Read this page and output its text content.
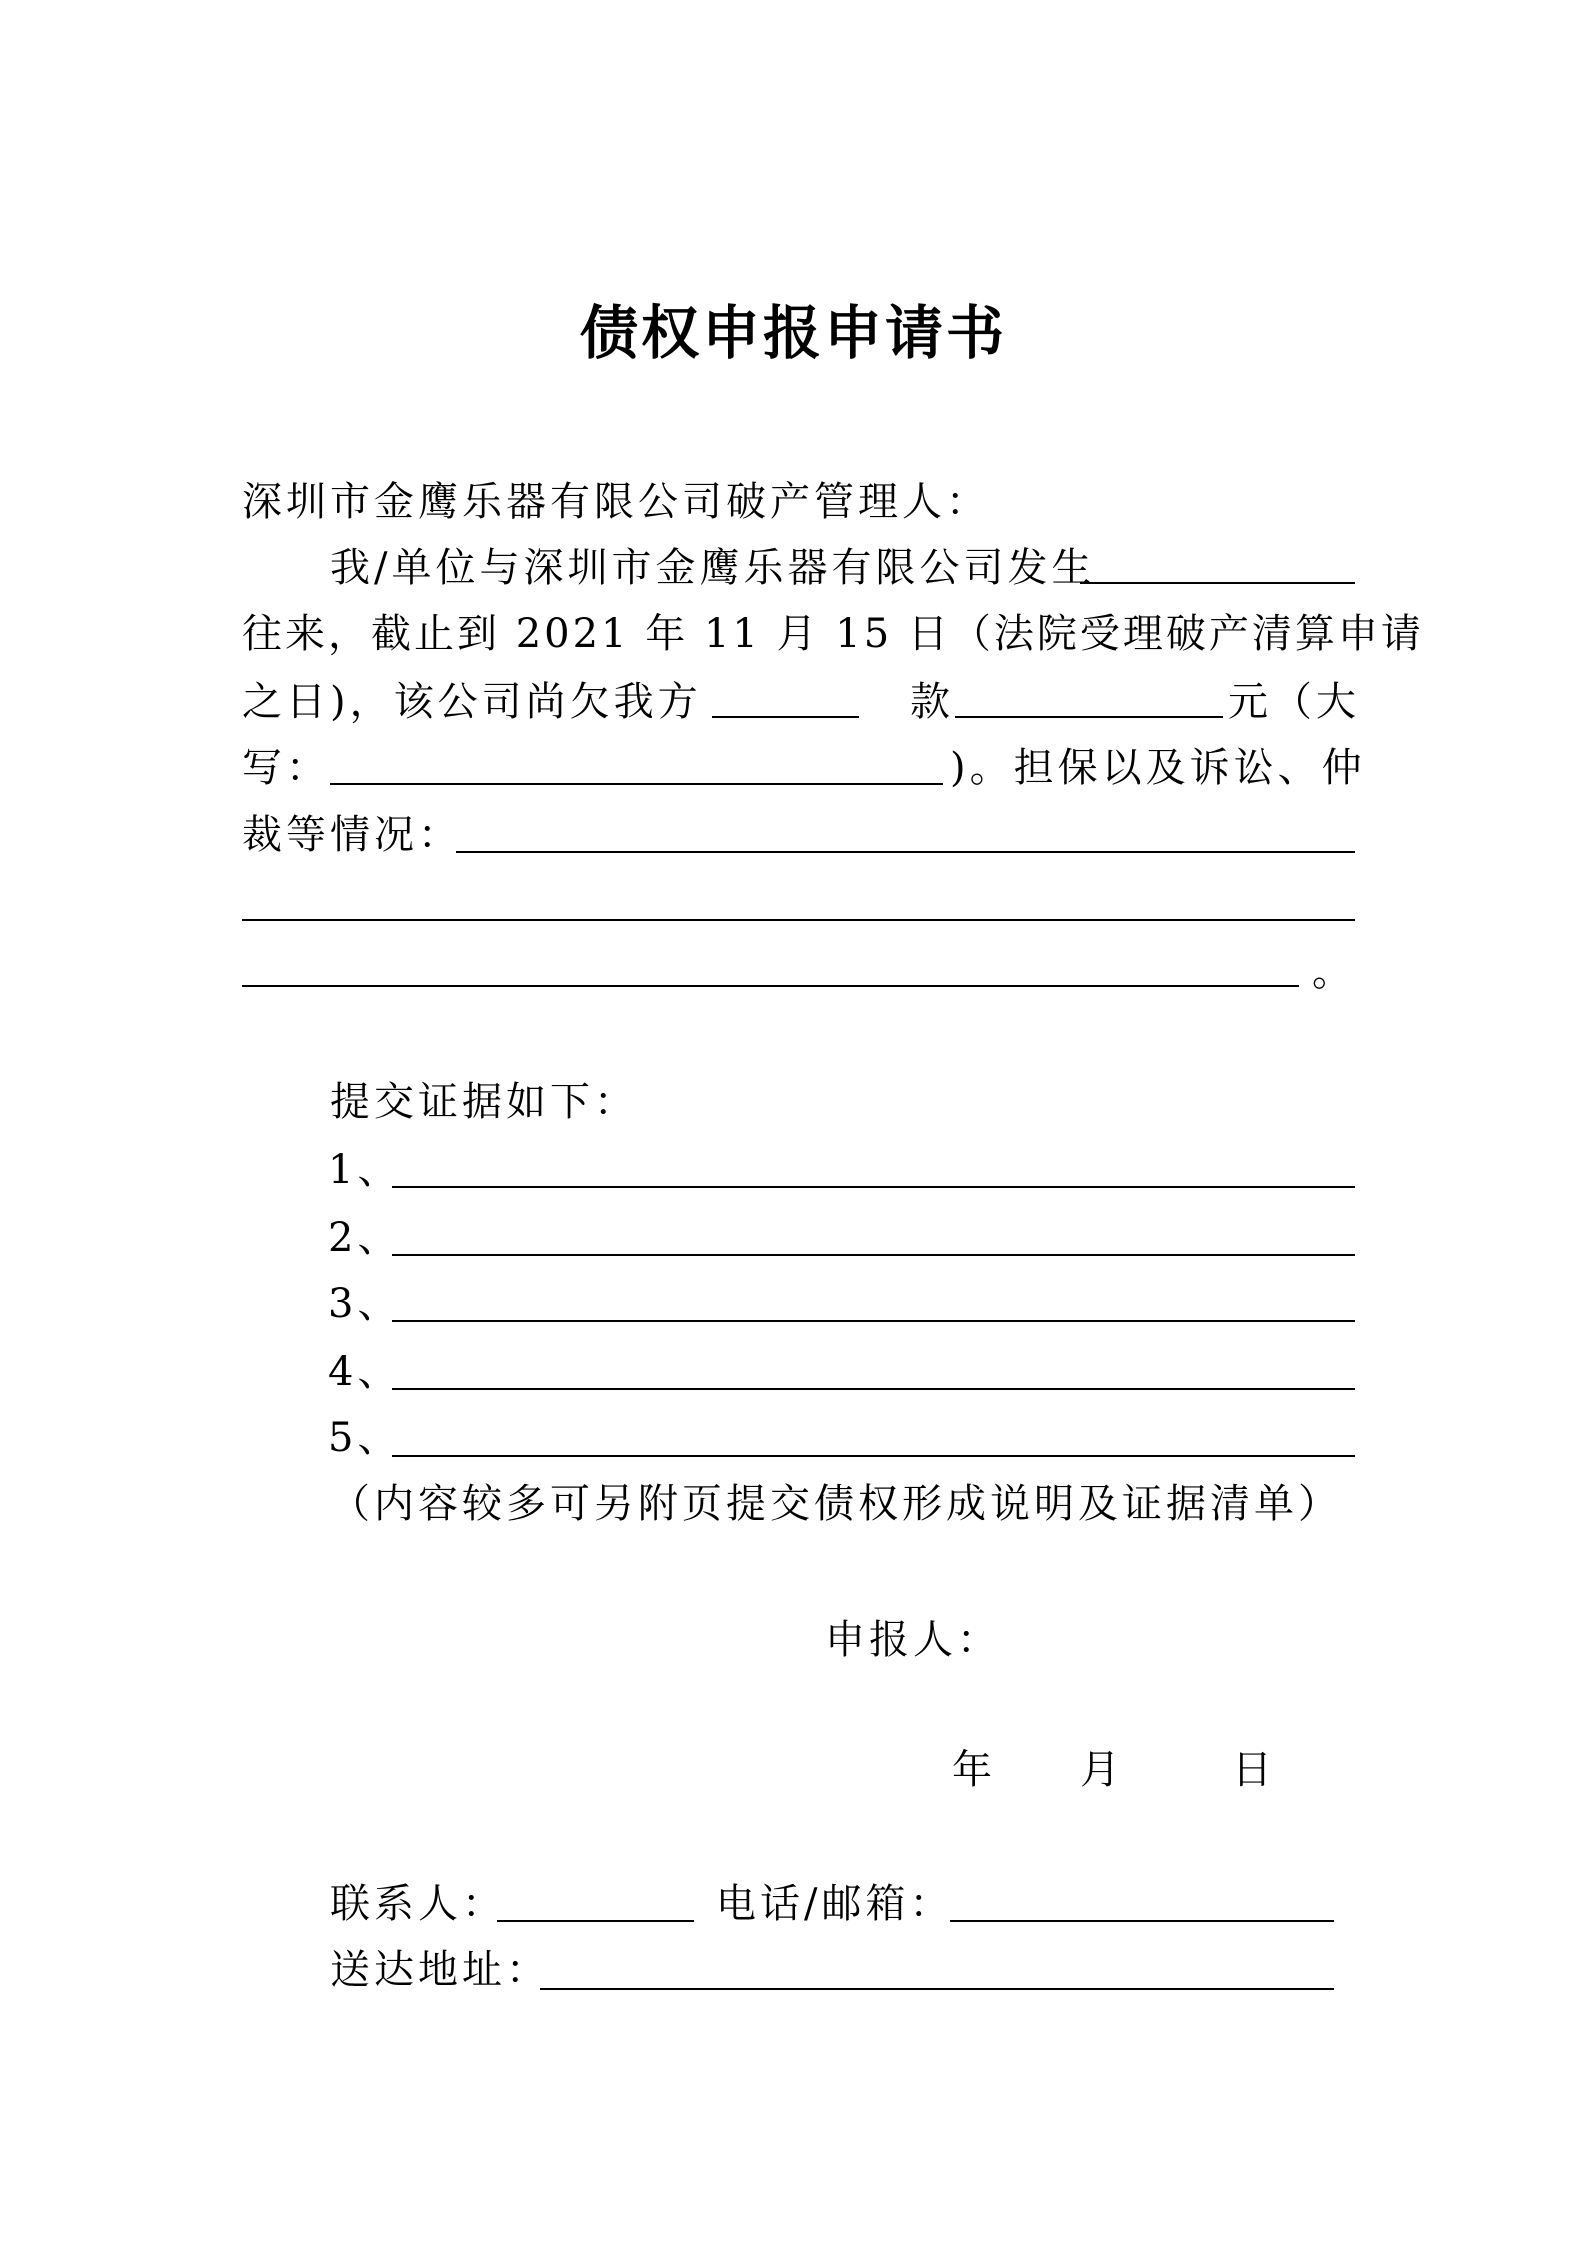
债权申报申请书
深圳市金鹰乐器有限公司破产管理人：
我/单位与深圳市金鹰乐器有限公司发生
往来，截止到 2021 年 11 月 15 日（法院受理破产清算申请
之日)，该公司尚欠我方	款	元（大
写：	)。担保以及诉讼、仲
裁等情况：
。
提交证据如下：
1、
2、
3、
4、
5、
（内容较多可另附页提交债权形成说明及证据清单）
申报人：
年 月	日
联系人：	电话/邮箱：
送达地址：
